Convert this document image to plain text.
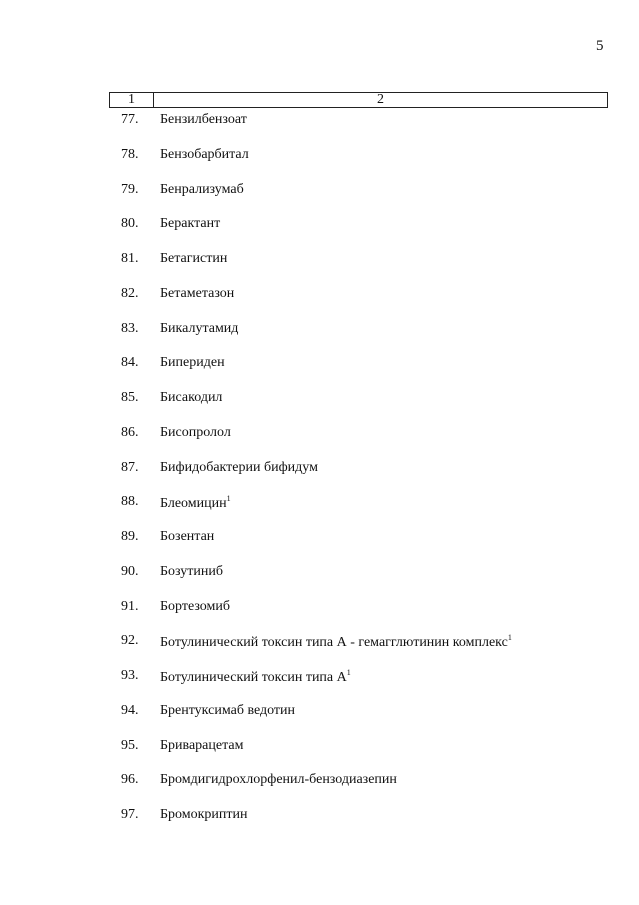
5
1	2
77. Бензилбензоат
78. Бензобарбитал
79. Бенрализумаб
80. Берактант
81. Бетагистин
82. Бетаметазон
83. Бикалутамид
84. Бипериден
85. Бисакодил
86. Бисопролол
87. Бифидобактерии бифидум
88. Блеомицин$^1$
89. Бозентан
90. Бозутиниб
91. Бортезомиб
92. Ботулинический токсин типа А - гемагглютинин комплекс$^1$
93. Ботулинический токсин типа $А^1$
94. Брентуксимаб ведотин
95. Бриварацетам
96. Бромдигидрохлорфенил-бензодиазепин
97. Бромокриптин
